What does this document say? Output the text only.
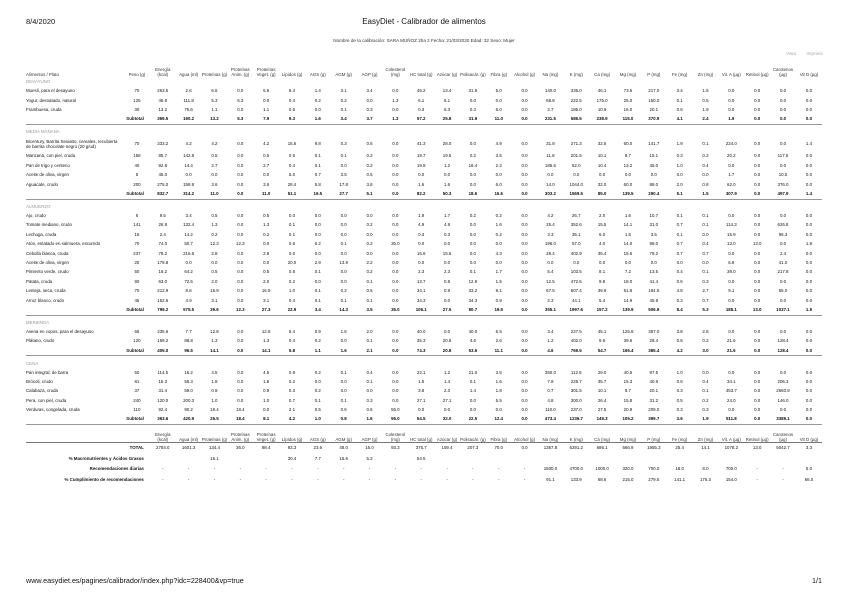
8/4/2020	EasyDiet - Calibrador de alimentos
Nombre de la calibración: SARA MUÑOZ 2ha 2 Fecha: 21/03/2020 Edad: 32 Sexo: Mujer
Vista Imprimir
Alimentos / Plato	Peso (g)	Energía (kcal)	Agua (ml)	Proteínas (g)	Proteínas Anim. (g)	Proteínas Veget. (g)	Lípidos (g)	AGS (g)	AGM (g)	AGP (g)	Colesterol (mg)	HC total (g)	Azúcar (g)	Polisacár. (g)	Fibra (g)	Alcohol (g)	Na (mg)	K (mg)	Ca (mg)	Mg (mg)	P (mg)	Fe (mg)	Zn (mg)	Vit. A (µg)	Retinol (µg)	Carotenos (µg)	Vit D (µg)
DESAYUNO																											
Muesli, para el desayuno	70	263.5	2.6	6.6	0.0	6.6	8.4	1.4	3.1	3.4	0.0	45.2	13.4	31.9	5.0	0.0	140.0	336.0	46.1	73.5	217.0	3.4	1.5	0.0	0.0	0.0	0.0
Yogur, desnatado, natural	125	46.8	111.8	5.3	5.3	0.0	0.4	0.2	0.2	0.0	1.3	6.1	6.1	0.0	0.0	0.0	68.8	222.5	175.0	25.0	150.0	0.1	0.5	0.0	0.0	0.0	0.0
Frambuesa, cruda	30	13.2	75.6	1.1	0.0	1.1	0.5	0.0	0.1	0.3	0.0	0.3	6.3	0.3	6.0	0.0	2.7	186.0	10.9	16.0	20.1	0.6	1.9	0.0	0.0	0.0	0.0
Subtotal		369.5	190.2	13.2	5.3	7.9	9.3	1.6	3.4	3.7	1.3	57.2	25.8	31.9	11.0	0.0	231.5	586.5	238.9	115.0	370.9	4.1	2.4	1.9	0.0	0.0	0.0

MEDIA MAÑANA																											
Bicentury, Barrita Sesiatto, cereales, recubierta de barrita chocolate negro (20 g/ud)	70	333.2	4.2	4.2	0.0	4.2	15.6	9.8	0.3	0.6	0.0	41.3	28.0	0.0	4.9	0.0	31.8	271.3	32.5	60.0	141.7	1.9	0.1	224.0	0.0	0.0	1.4
Manzana, con piel, cruda	158	85.7	142.8	0.5	0.0	0.5	0.5	0.1	0.1	0.2	0.0	19.7	19.5	0.2	3.5	0.0	11.8	201.5	10.1	8.7	15.1	0.3	0.2	20.2	0.0	117.6	0.0
Pan de trigo y centeno	40	92.8	14.4	2.7	0.0	2.7	0.4	0.1	0.0	0.2	0.0	19.8	1.2	18.4	2.2	0.0	185.6	52.0	10.4	13.2	45.0	1.0	0.4	0.0	0.0	0.0	0.0
Aceite de oliva, virgen	5	45.0	0.0	0.0	0.0	0.0	5.0	0.7	3.5	0.5	0.0	0.0	0.0	0.0	0.0	0.0	0.0	0.0	0.0	0.0	0.0	0.0	0.0	1.7	0.0	10.5	0.0
Aguacate, crudo	200	275.0	158.8	3.6	0.0	3.6	28.4	5.8	17.8	3.8	0.0	1.6	1.6	0.0	6.0	0.0	14.0	1044.0	32.0	60.0	88.0	2.0	0.8	62.0	0.0	376.0	0.0
Subtotal		832.7	314.2	11.0	0.0	11.0	51.1	16.5	27.7	5.1	0.0	82.2	50.3	18.6	16.6	0.0	303.2	1569.5	85.0	139.5	290.4	5.1	1.5	307.9	0.0	497.9	1.4

ALMUERZO																											
Ajo, crudo	6	9.5	3.4	0.5	0.0	0.5	0.0	0.0	0.0	0.0	0.0	1.9	1.7	0.2	0.2	0.0	4.2	26.7	2.0	1.6	10.7	0.1	0.1	0.0	0.0	0.0	0.0
Tomate mediano, crudo	141	26.8	132.4	1.3	0.0	1.3	0.1	0.0	0.0	0.2	0.0	4.9	4.9	0.0	1.6	0.0	25.4	352.6	15.5	14.1	31.0	0.7	0.1	114.3	0.0	626.8	0.0
Lechuga, cruda	15	2.4	14.2	0.2	0.0	0.2	0.1	0.0	0.0	0.0	0.0	0.3	0.3	0.0	0.2	0.0	3.3	35.1	6.0	1.5	3.5	0.1	0.0	15.9	0.0	95.3	0.0
Atún, enlatado en salmuera, escurrido	70	74.0	50.7	12.3	12.3	0.0	0.6	0.2	0.1	0.2	35.0	0.0	0.0	0.0	0.0	0.0	196.0	57.0	4.0	14.0	98.0	0.7	0.4	13.0	13.0	0.0	1.9
Cebolla blanca, cruda	237	78.2	216.8	2.8	0.0	2.8	0.0	0.0	0.0	0.0	0.0	15.6	15.6	0.0	4.3	0.0	28.4	402.9	35.4	15.6	78.2	0.7	0.7	0.0	0.0	2.4	0.0
Aceite de oliva, virgen	20	179.8	0.0	0.0	0.0	0.0	20.0	2.9	13.9	2.2	0.0	0.0	0.0	0.0	0.0	0.0	0.0	0.0	0.0	0.0	0.0	0.0	0.0	6.8	0.0	41.0	0.0
Pimiento verde, crudo	50	16.2	64.2	0.5	0.0	0.5	0.5	0.1	0.0	0.2	0.0	2.3	2.3	0.1	1.7	0.0	5.4	103.5	8.1	7.2	13.5	0.4	0.1	39.0	0.0	217.8	0.0
Patata, cruda	90	63.0	72.5	2.0	0.0	2.0	0.2	0.0	0.0	0.1	0.0	13.7	0.8	12.9	1.5	0.0	12.5	472.5	9.9	18.0	41.4	0.6	0.3	0.0	0.0	0.0	0.0
Lenteja, seca, cruda	70	212.9	8.6	16.9	0.0	16.9	1.0	0.1	0.2	0.5	0.0	34.1	0.9	33.2	9.1	0.0	67.5	607.4	39.9	51.8	194.5	4.8	2.7	9.1	0.0	55.0	0.0
Arroz blanco, crudo	45	152.6	4.9	3.1	0.0	3.1	0.4	0.1	0.1	0.1	0.0	34.3	0.0	34.3	0.9	0.0	2.3	44.1	5.4	14.9	45.9	0.3	0.7	0.0	0.0	0.0	0.0
Subtotal		799.2	575.5	39.6	12.3	27.3	22.9	3.4	14.3	3.5	35.0	106.1	27.5	80.7	19.5	0.0	355.1	1997.6	157.2	139.9	506.9	8.4	5.3	185.1	13.0	1037.1	1.9

MERIENDA																											
Avena en copos, para el desayuno	65	235.6	7.7	12.8	0.0	12.8	5.4	0.9	1.6	2.0	0.0	40.0	0.0	40.0	6.5	0.0	3.4	227.5	45.1	125.8	357.0	3.8	2.8	0.0	0.0	0.0	0.0
Plátano, crudo	120	169.2	88.8	1.3	0.0	1.3	0.4	0.2	0.0	0.1	0.0	35.3	20.8	4.6	2.6	0.0	1.2	402.0	9.6	39.6	28.4	0.6	0.2	21.6	0.0	128.4	0.0
Subtotal		405.0	96.5	14.1	0.0	14.1	5.8	1.1	1.6	2.1	0.0	74.3	20.8	53.6	11.1	0.0	4.6	769.5	54.7	165.4	385.4	4.2	3.0	21.6	0.0	128.4	0.0

CENA																											
Pan integral, de barra	50	114.5	16.2	4.5	0.0	4.5	0.9	0.2	0.1	0.4	0.0	22.1	1.2	21.0	3.5	0.0	350.0	112.5	29.0	40.5	97.5	1.0	0.0	0.0	0.0	0.0	0.0
Brócoli, crudo	81	15.3	55.3	1.8	0.0	1.8	0.2	0.0	0.0	0.1	0.0	1.5	1.4	0.1	1.6	0.0	7.9	225.7	35.7	15.3	40.9	0.6	0.4	34.1	0.0	206.3	0.0
Calabaza, cruda	37	31.4	59.0	0.9	0.0	0.9	0.3	0.2	0.0	0.0	0.0	3.8	2.3	1.4	1.8	0.0	0.7	301.5	10.1	8.7	20.1	0.3	0.1	453.7	0.0	2660.8	0.0
Pera, con piel, cruda	240	120.0	200.3	1.0	0.0	1.0	0.7	0.1	0.1	0.3	0.0	27.1	27.1	0.0	5.5	0.0	4.8	300.0	26.4	15.8	31.2	0.5	0.2	24.0	0.0	146.0	0.0
Verduras, congelada, cruda	110	92.4	90.2	18.4	18.4	0.0	2.1	0.5	0.6	0.6	55.0	0.0	0.0	0.0	0.0	0.0	110.0	237.0	27.5	20.9	209.0	0.3	0.3	0.0	0.0	0.0	0.0
Subtotal		363.6	420.9	26.5	18.4	8.1	4.2	1.0	0.8	1.6	55.0	54.5	32.0	22.5	12.4	0.0	473.4	1236.7	149.3	105.2	399.7	3.6	1.9	511.8	0.0	3389.1	0.0

		Energía (kcal)	Agua (ml)	Proteínas (g)	Proteínas Anim. (g)	Proteínas Veget. (g)	Lípidos (g)	AGS (g)	AGM (g)	AGP (g)	Colesterol (mg)	HC total (g)	Azúcar (g)	Polisacár. (g)	Fibra (g)	Alcohol (g)	Na (mg)	K (mg)	Ca (mg)	Mg (mg)	P (mg)	Fe (mg)	Zn (mg)	Vit. A (µg)	Retinol (µg)	Carotenos (µg)	Vit D (µg)
TOTAL		2784.0	1601.3	134.4	36.0	98.4	93.3	23.6	48.0	16.0	93.3	375.7	159.4	207.3	70.0	0.0	1367.8	6291.2	686.1	666.9	1955.3	25.4	14.1	1078.2	13.0	5042.7	3.3
% Macronutrientes y Ácidos Grasos				15.1			30.4	7.7	15.6	5.2		54.5															
Recomendaciones diarias		-	-	-	-	-	-	-	-	-	-	-	-	-	-	-	1500.0	4700.0	1000.0	320.0	700.0	18.0	8.0	700.0	-	-	5.0
% Cumplimiento de recomendaciones		-	-	-	-	-	-	-	-	-	-	-	-	-	-	-	91.1	133.9	68.6	215.0	279.5	141.1	176.3	154.0	-	-	66.0
www.easydiet.es/pagines/calibrador/index.php?idc=228400&vp=true	1/1
